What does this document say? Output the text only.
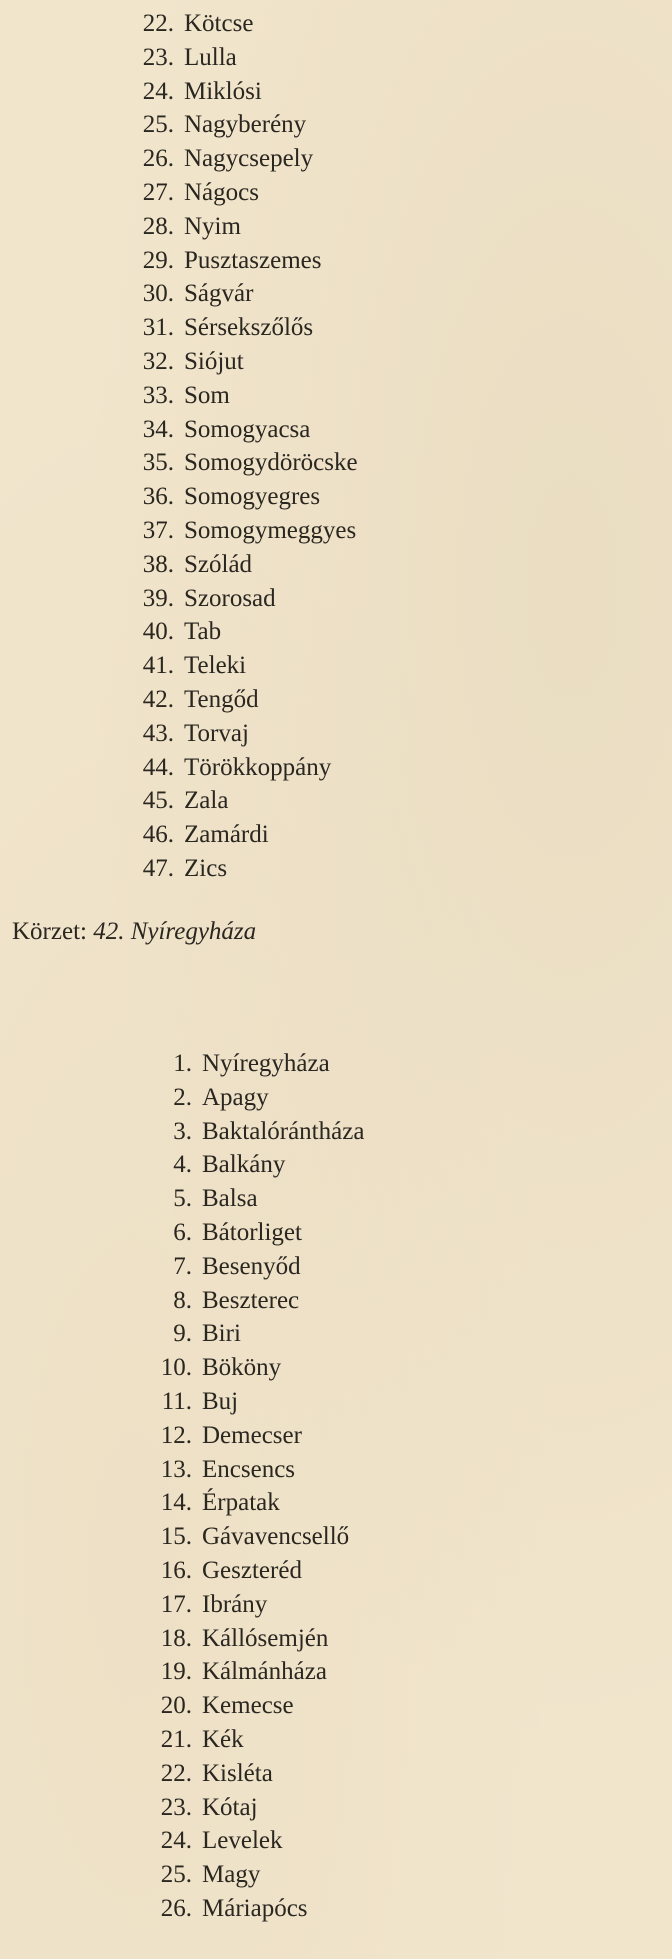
22. Kötcse
23. Lulla
24. Miklósi
25. Nagyberény
26. Nagycsepely
27. Nágocs
28. Nyim
29. Pusztaszemes
30. Ságvár
31. Sérsekszőlős
32. Siójut
33. Som
34. Somogyacsa
35. Somogydöröcske
36. Somogyegres
37. Somogymeggyes
38. Szólád
39. Szorosad
40. Tab
41. Teleki
42. Tengőd
43. Torvaj
44. Törökkoppány
45. Zala
46. Zamárdi
47. Zics
Körzet: 42. Nyíregyháza
1. Nyíregyháza
2. Apagy
3. Baktalórántháza
4. Balkány
5. Balsa
6. Bátorliget
7. Besenyőd
8. Beszterec
9. Biri
10. Bököny
11. Buj
12. Demecser
13. Encsencs
14. Érpatak
15. Gávavencsellő
16. Geszteréd
17. Ibrány
18. Kállósemjén
19. Kálmánháza
20. Kemecse
21. Kék
22. Kisléta
23. Kótaj
24. Levelek
25. Magy
26. Máriapócs
